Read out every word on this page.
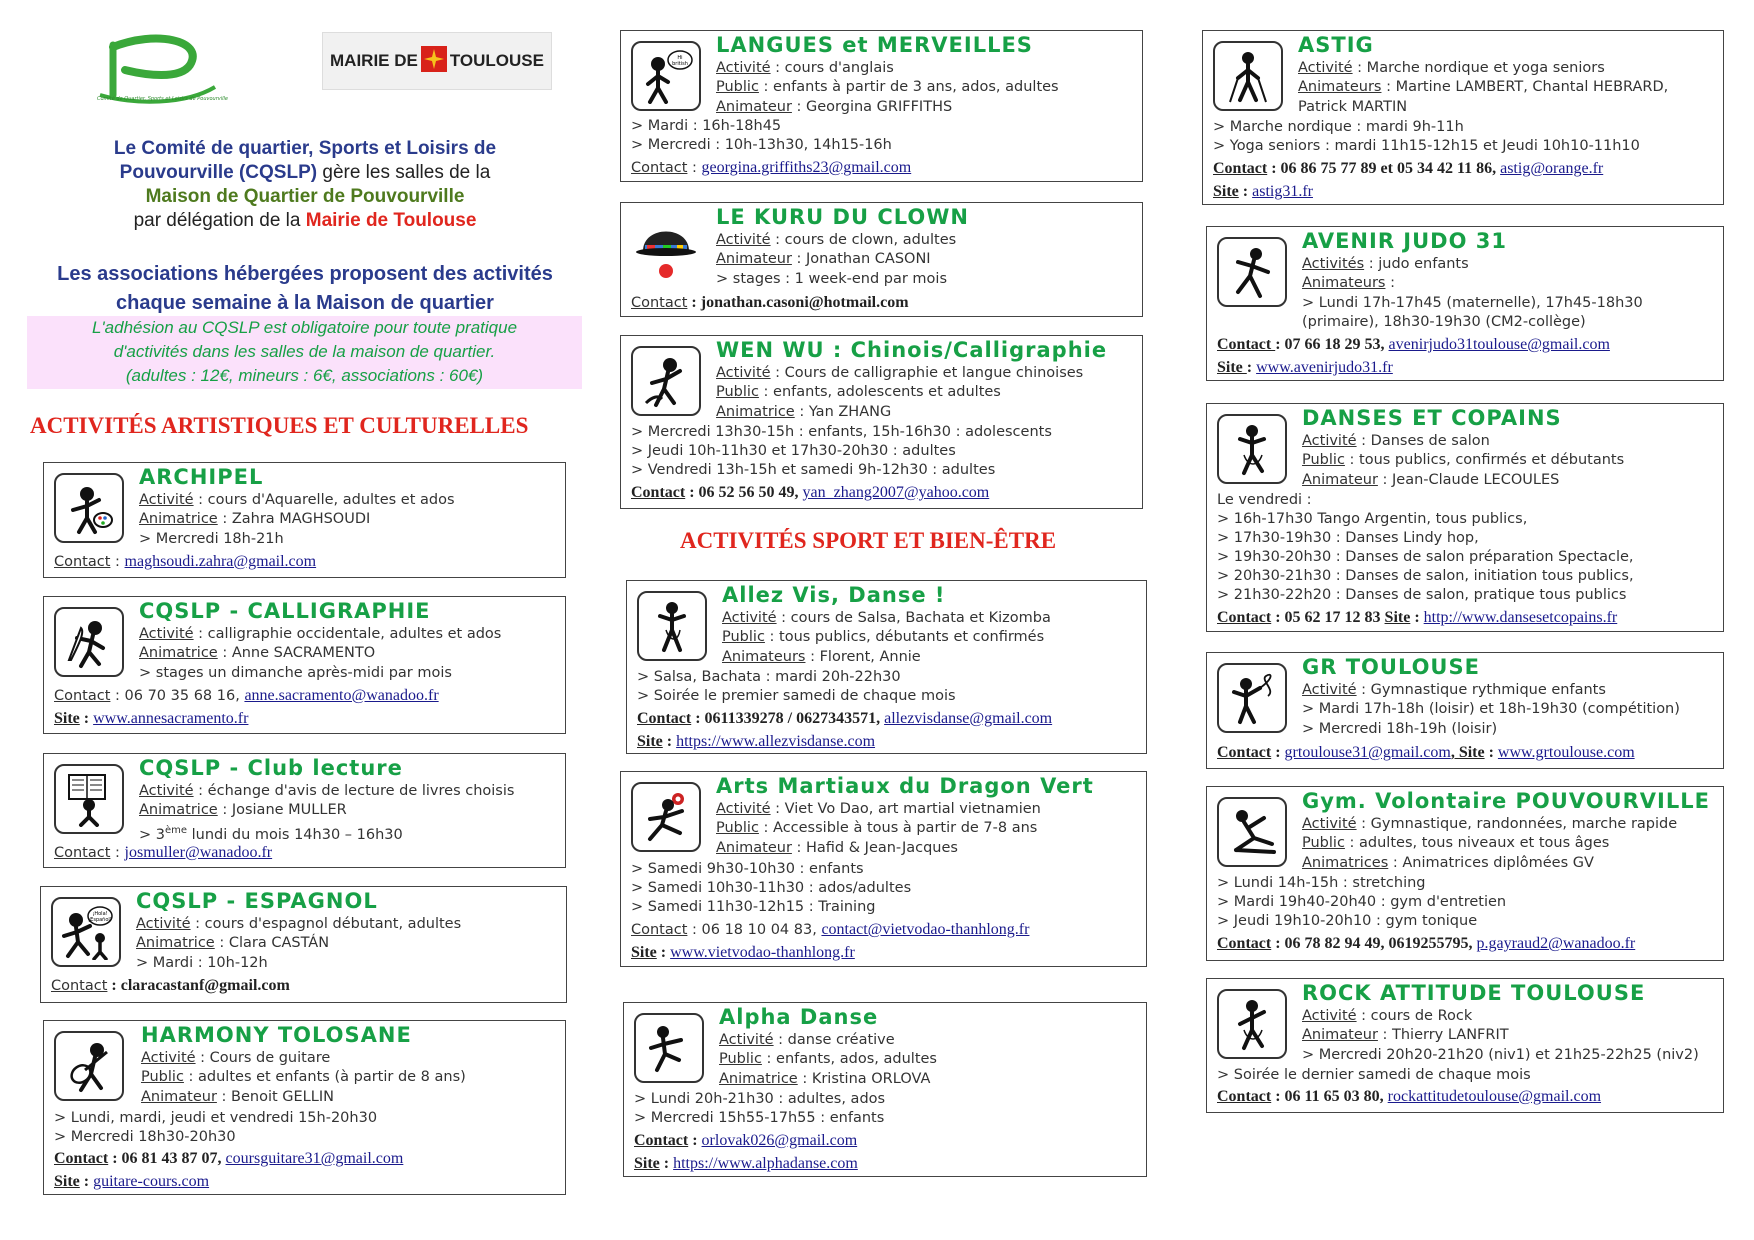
Comité de Quartier, Sports et Loisirs de Pouvourville
MAIRIE DE TOULOUSE
Le Comité de quartier, Sports et Loisirs de
Pouvourville (CQSLP) gère les salles de la
Maison de Quartier de Pouvourville
par délégation de la Mairie de Toulouse
Les associations hébergées proposent des activités
chaque semaine à la Maison de quartier
L'adhésion au CQSLP est obligatoire pour toute pratique
d'activités dans les salles de la maison de quartier.
(adultes : 12€, mineurs : 6€, associations : 60€)
ACTIVITÉS ARTISTIQUES ET CULTURELLES
ACTIVITÉS SPORT ET BIEN-ÊTRE
ARCHIPEL
Activité : cours d'Aquarelle, adultes et ados
Animatrice : Zahra MAGHSOUDI
> Mercredi 18h-21h
Contact : maghsoudi.zahra@gmail.com
CQSLP - CALLIGRAPHIE
Activité : calligraphie occidentale, adultes et ados
Animatrice : Anne SACRAMENTO
> stages un dimanche après-midi par mois
Contact : 06 70 35 68 16, anne.sacramento@wanadoo.fr
Site : www.annesacramento.fr
CQSLP - Club lecture
Activité : échange d'avis de lecture de livres choisis
Animatrice : Josiane MULLER
> 3ème lundi du mois 14h30 – 16h30
Contact : josmuller@wanadoo.fr
¡Hola!
¡Español!
CQSLP - ESPAGNOL
Activité : cours d'espagnol débutant, adultes
Animatrice : Clara CASTÁN
> Mardi : 10h-12h
Contact : claracastanf@gmail.com
HARMONY TOLOSANE
Activité : Cours de guitare
Public : adultes et enfants (à partir de 8 ans)
Animateur : Benoit GELLIN
> Lundi, mardi, jeudi et vendredi 15h-20h30
> Mercredi 18h30-20h30
Contact : 06 81 43 87 07, coursguitare31@gmail.com
Site : guitare-cours.com
Hi
british
LANGUES et MERVEILLES
Activité : cours d'anglais
Public : enfants à partir de 3 ans, ados, adultes
Animateur : Georgina GRIFFITHS
> Mardi : 16h-18h45
> Mercredi : 10h-13h30, 14h15-16h
Contact : georgina.griffiths23@gmail.com
LE KURU DU CLOWN
Activité : cours de clown, adultes
Animateur : Jonathan CASONI
> stages : 1 week-end par mois
Contact : jonathan.casoni@hotmail.com
WEN WU : Chinois/Calligraphie
Activité : Cours de calligraphie et langue chinoises
Public : enfants, adolescents et adultes
Animatrice : Yan ZHANG
> Mercredi 13h30-15h : enfants, 15h-16h30 : adolescents
> Jeudi 10h-11h30 et 17h30-20h30 : adultes
> Vendredi 13h-15h et samedi 9h-12h30 : adultes
Contact : 06 52 56 50 49, yan_zhang2007@yahoo.com
Allez Vis, Danse !
Activité : cours de Salsa, Bachata et Kizomba
Public : tous publics, débutants et confirmés
Animateurs : Florent, Annie
> Salsa, Bachata : mardi 20h-22h30
> Soirée le premier samedi de chaque mois
Contact : 0611339278 / 0627343571, allezvisdanse@gmail.com
Site : https://www.allezvisdanse.com
Arts Martiaux du Dragon Vert
Activité : Viet Vo Dao, art martial vietnamien
Public : Accessible à tous à partir de 7-8 ans
Animateur : Hafid & Jean-Jacques
> Samedi 9h30-10h30 : enfants
> Samedi 10h30-11h30 : ados/adultes
> Samedi 11h30-12h15 : Training
Contact : 06 18 10 04 83, contact@vietvodao-thanhlong.fr
Site : www.vietvodao-thanhlong.fr
Alpha Danse
Activité : danse créative
Public : enfants, ados, adultes
Animatrice : Kristina ORLOVA
> Lundi 20h-21h30 : adultes, ados
> Mercredi 15h55-17h55 : enfants
Contact : orlovak026@gmail.com
Site : https://www.alphadanse.com
ASTIG
Activité : Marche nordique et yoga seniors
Animateurs : Martine LAMBERT, Chantal HEBRARD,
Patrick MARTIN
> Marche nordique : mardi 9h-11h
> Yoga seniors : mardi 11h15-12h15 et Jeudi 10h10-11h10
Contact : 06 86 75 77 89 et 05 34 42 11 86, astig@orange.fr
Site : astig31.fr
AVENIR JUDO 31
Activités : judo enfants
Animateurs :
> Lundi 17h-17h45 (maternelle), 17h45-18h30
(primaire), 18h30-19h30 (CM2-collège)
Contact : 07 66 18 29 53, avenirjudo31toulouse@gmail.com
Site : www.avenirjudo31.fr
DANSES ET COPAINS
Activité : Danses de salon
Public : tous publics, confirmés et débutants
Animateur : Jean-Claude LECOULES
Le vendredi :
> 16h-17h30 Tango Argentin, tous publics,
> 17h30-19h30 : Danses Lindy hop,
> 19h30-20h30 : Danses de salon préparation Spectacle,
> 20h30-21h30 : Danses de salon, initiation tous publics,
> 21h30-22h20 : Danses de salon, pratique tous publics
Contact : 05 62 17 12 83 Site : http://www.dansesetcopains.fr
GR TOULOUSE
Activité : Gymnastique rythmique enfants
> Mardi 17h-18h (loisir) et 18h-19h30 (compétition)
> Mercredi 18h-19h (loisir)
Contact : grtoulouse31@gmail.com, Site : www.grtoulouse.com
Gym. Volontaire POUVOURVILLE
Activité : Gymnastique, randonnées, marche rapide
Public : adultes, tous niveaux et tous âges
Animatrices : Animatrices diplômées GV
> Lundi 14h-15h : stretching
> Mardi 19h40-20h40 : gym d'entretien
> Jeudi 19h10-20h10 : gym tonique
Contact : 06 78 82 94 49, 0619255795, p.gayraud2@wanadoo.fr
ROCK ATTITUDE TOULOUSE
Activité : cours de Rock
Animateur : Thierry LANFRIT
> Mercredi 20h20-21h20 (niv1) et 21h25-22h25 (niv2)
> Soirée le dernier samedi de chaque mois
Contact : 06 11 65 03 80, rockattitudetoulouse@gmail.com
